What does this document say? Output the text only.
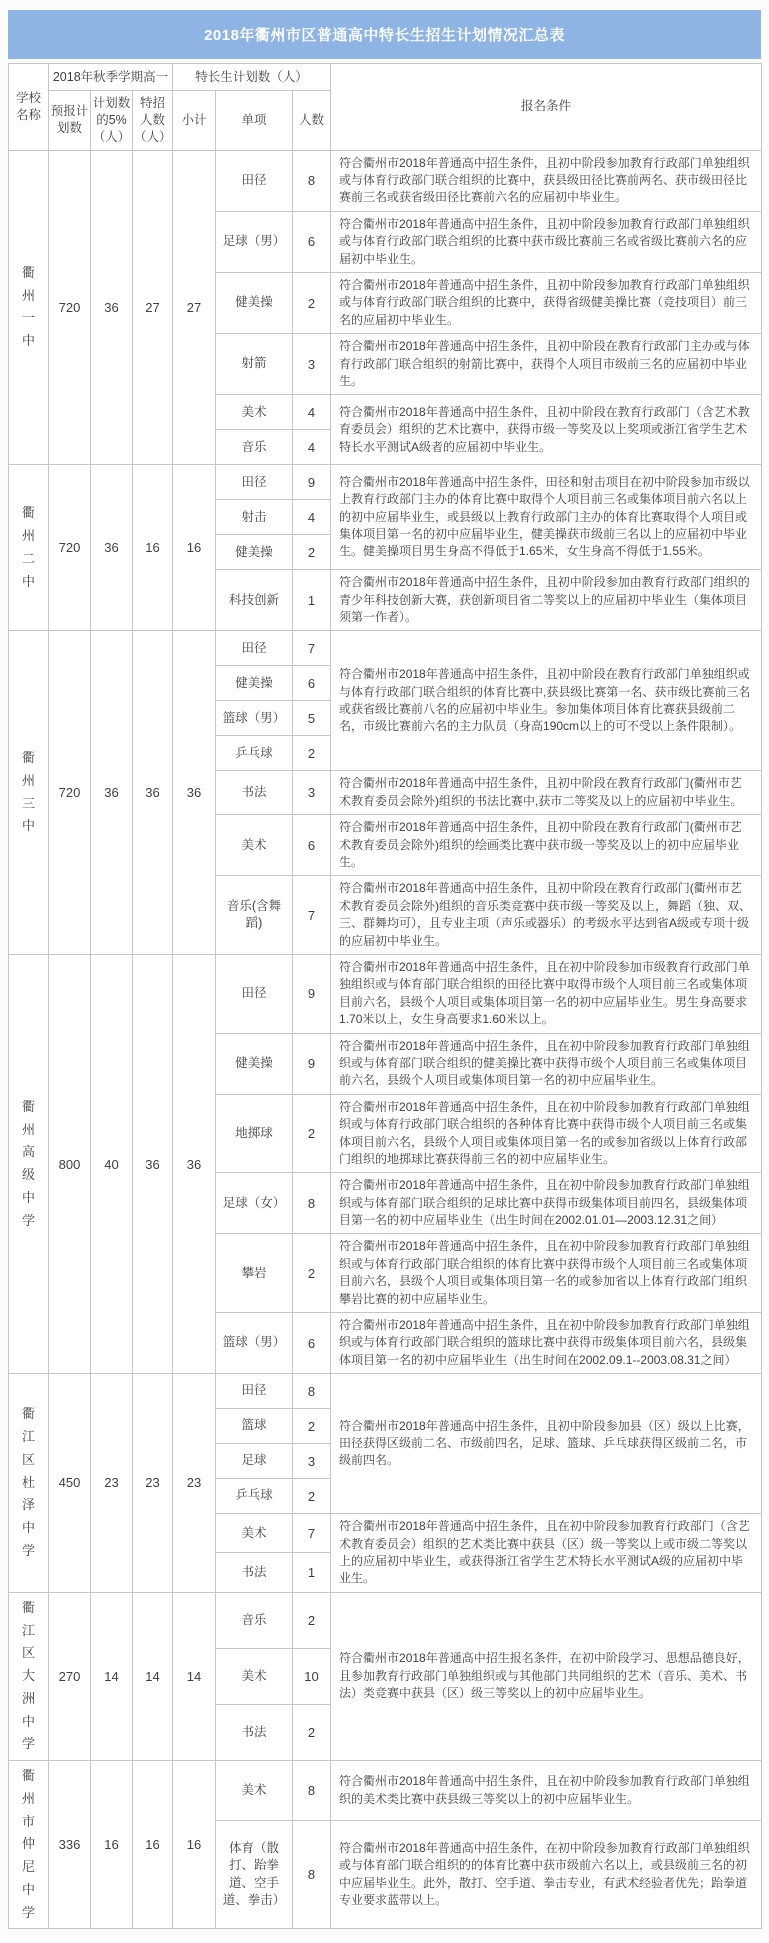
2018年衢州市区普通高中特长生招生计划情况汇总表
学校名称	2018年秋季学期高一			特长生计划数（人）			报名条件
	预报计划数	计划数的5%（人）	特招人数（人）	小计	单项	人数	
衢
州
一
中	720	36	27	27	田径	8	符合衢州市2018年普通高中招生条件，且初中阶段参加教育行政部门单独组织或与体育行政部门联合组织的比赛中，获县级田径比赛前两名、获市级田径比赛前三名或获省级田径比赛前六名的应届初中毕业生。
					足球（男）	6	符合衢州市2018年普通高中招生条件，且初中阶段参加教育行政部门单独组织或与体育行政部门联合组织的比赛中获市级比赛前三名或省级比赛前六名的应届初中毕业生。
					健美操	2	符合衢州市2018年普通高中招生条件，且初中阶段参加教育行政部门单独组织或与体育行政部门联合组织的比赛中，获得省级健美操比赛（竞技项目）前三名的应届初中毕业生。
					射箭	3	符合衢州市2018年普通高中招生条件，且初中阶段在教育行政部门主办或与体育行政部门联合组织的射箭比赛中，获得个人项目市级前三名的应届初中毕业生。
					美术	4	符合衢州市2018年普通高中招生条件，且初中阶段在教育行政部门（含艺术教育委员会）组织的艺术比赛中，获得市级一等奖及以上奖项或浙江省学生艺术特长水平测试A级者的应届初中毕业生。
					音乐	4	
衢
州
二
中	720	36	16	16	田径	9	符合衢州市2018年普通高中招生条件，田径和射击项目在初中阶段参加市级以上教育行政部门主办的体育比赛中取得个人项目前三名或集体项目前六名以上的初中应届毕业生，或县级以上教育行政部门主办的体育比赛取得个人项目或集体项目第一名的初中应届毕业生，健美操获市级前三名以上的应届初中毕业生。健美操项目男生身高不得低于1.65米，女生身高不得低于1.55米。
					射击	4	
					健美操	2	
					科技创新	1	符合衢州市2018年普通高中招生条件，且初中阶段参加由教育行政部门组织的青少年科技创新大赛，获创新项目省二等奖以上的应届初中毕业生（集体项目须第一作者）。
衢
州
三
中	720	36	36	36	田径	7	符合衢州市2018年普通高中招生条件，且初中阶段在教育行政部门单独组织或与体育行政部门联合组织的体育比赛中,获县级比赛第一名、获市级比赛前三名或获省级比赛前八名的应届初中毕业生。参加集体项目体育比赛获县级前二名，市级比赛前六名的主力队员（身高190cm以上的可不受以上条件限制）。
					健美操	6	
					篮球（男）	5	
					乒乓球	2	
					书法	3	符合衢州市2018年普通高中招生条件，且初中阶段在教育行政部门(衢州市艺术教育委员会除外)组织的书法比赛中,获市二等奖及以上的应届初中毕业生。
					美术	6	符合衢州市2018年普通高中招生条件，且初中阶段在教育行政部门(衢州市艺术教育委员会除外)组织的绘画类比赛中获市级一等奖及以上的初中应届毕业生。
					音乐(含舞蹈)	7	符合衢州市2018年普通高中招生条件，且初中阶段在教育行政部门(衢州市艺术教育委员会除外)组织的音乐类竞赛中获市级一等奖及以上，舞蹈（独、双、三、群舞均可），且专业主项（声乐或器乐）的考级水平达到省A级或专项十级的应届初中毕业生。
衢
州
高
级
中
学	800	40	36	36	田径	9	符合衢州市2018年普通高中招生条件，且在初中阶段参加市级教育行政部门单独组织或与体育部门联合组织的田径比赛中取得市级个人项目前三名或集体项目前六名，县级个人项目或集体项目第一名的初中应届毕业生。男生身高要求1.70米以上，女生身高要求1.60米以上。
					健美操	9	符合衢州市2018年普通高中招生条件，且在初中阶段参加教育行政部门单独组织或与体育部门联合组织的健美操比赛中获得市级个人项目前三名或集体项目前六名，县级个人项目或集体项目第一名的初中应届毕业生。
					地掷球	2	符合衢州市2018年普通高中招生条件，且在初中阶段参加教育行政部门单独组织或与体育行政部门联合组织的各种体育比赛中获得市级个人项目前三名或集体项目前六名，县级个人项目或集体项目第一名的或参加省级以上体育行政部门组织的地掷球比赛获得前三名的初中应届毕业生。
					足球（女）	8	符合衢州市2018年普通高中招生条件，且在初中阶段参加教育行政部门单独组织或与体育部门联合组织的足球比赛中获得市级集体项目前四名，县级集体项目第一名的初中应届毕业生（出生时间在2002.01.01—2003.12.31之间）
					攀岩	2	符合衢州市2018年普通高中招生条件，且在初中阶段参加教育行政部门单独组织或与体育行政部门联合组织的体育比赛中获得市级个人项目前三名或集体项目前六名，县级个人项目或集体项目第一名的或参加省以上体育行政部门组织攀岩比赛的初中应届毕业生。
					篮球（男）	6	符合衢州市2018年普通高中招生条件，且在初中阶段参加教育行政部门单独组织或与体育行政部门联合组织的篮球比赛中获得市级集体项目前六名，县级集体项目第一名的初中应届毕业生（出生时间在2002.09.1--2003.08.31之间）
衢
江
区
杜
泽
中
学	450	23	23	23	田径	8	符合衢州市2018年普通高中招生条件，且初中阶段参加县（区）级以上比赛，田径获得区级前二名、市级前四名，足球、篮球、乒乓球获得区级前二名，市级前四名。
					篮球	2	
					足球	3	
					乒乓球	2	
					美术	7	符合衢州市2018年普通高中招生条件，且在初中阶段参加教育行政部门（含艺术教育委员会）组织的艺术类比赛中获县（区）级一等奖以上或市级二等奖以上的应届初中毕业生，或获得浙江省学生艺术特长水平测试A级的应届初中毕业生。
					书法	1	
衢
江
区
大
洲
中
学	270	14	14	14	音乐	2	符合衢州市2018年普通高中招生报名条件，在初中阶段学习、思想品德良好，且参加教育行政部门单独组织或与其他部门共同组织的艺术（音乐、美术、书法）类竞赛中获县（区）级三等奖以上的初中应届毕业生。
					美术	10	
					书法	2	
衢
州
市
仲
尼
中
学	336	16	16	16	美术	8	符合衢州市2018年普通高中招生条件，且在初中阶段参加教育行政部门单独组织的美术类比赛中获县级三等奖以上的初中应届毕业生。
					体育（散打、跆拳道、空手道、拳击）	8	符合衢州市2018年普通高中招生条件，在初中阶段参加教育行政部门单独组织或与体育部门联合组织的的体育比赛中获市级前六名以上，或县级前三名的初中应届毕业生。此外，散打、空手道、拳击专业，有武术经验者优先；跆拳道专业要求蓝带以上。
